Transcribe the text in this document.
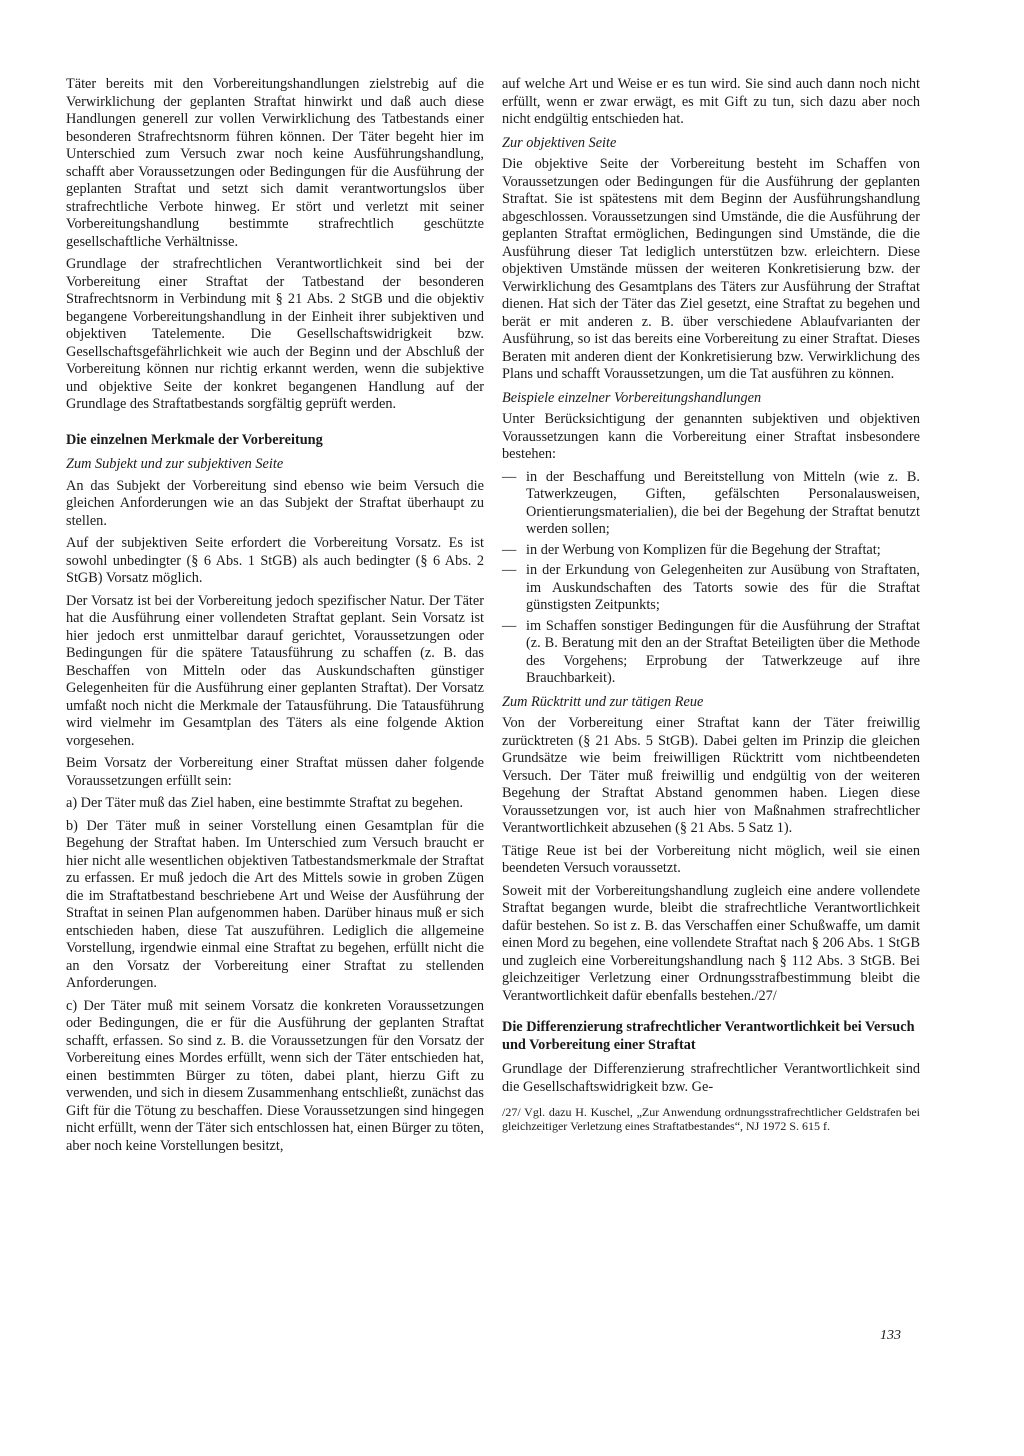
Täter bereits mit den Vorbereitungshandlungen zielstrebig auf die Verwirklichung der geplanten Straftat hinwirkt und daß auch diese Handlungen generell zur vollen Verwirklichung des Tatbestands einer besonderen Strafrechtsnorm führen können. Der Täter begeht hier im Unterschied zum Versuch zwar noch keine Ausführungshandlung, schafft aber Voraussetzungen oder Bedingungen für die Ausführung der geplanten Straftat und setzt sich damit verantwortungslos über strafrechtliche Verbote hinweg. Er stört und verletzt mit seiner Vorbereitungshandlung bestimmte strafrechtlich geschützte gesellschaftliche Verhältnisse.

Grundlage der strafrechtlichen Verantwortlichkeit sind bei der Vorbereitung einer Straftat der Tatbestand der besonderen Strafrechtsnorm in Verbindung mit § 21 Abs. 2 StGB und die objektiv begangene Vorbereitungshandlung in der Einheit ihrer subjektiven und objektiven Tatelemente. Die Gesellschaftswidrigkeit bzw. Gesellschaftsgefährlichkeit wie auch der Beginn und der Abschluß der Vorbereitung können nur richtig erkannt werden, wenn die subjektive und objektive Seite der konkret begangenen Handlung auf der Grundlage des Straftatbestands sorgfältig geprüft werden.

Die einzelnen Merkmale der Vorbereitung
Zum Subjekt und zur subjektiven Seite

An das Subjekt der Vorbereitung sind ebenso wie beim Versuch die gleichen Anforderungen wie an das Subjekt der Straftat überhaupt zu stellen.

Auf der subjektiven Seite erfordert die Vorbereitung Vorsatz. Es ist sowohl unbedingter (§ 6 Abs. 1 StGB) als auch bedingter (§ 6 Abs. 2 StGB) Vorsatz möglich.

Der Vorsatz ist bei der Vorbereitung jedoch spezifischer Natur. Der Täter hat die Ausführung einer vollendeten Straftat geplant. Sein Vorsatz ist hier jedoch erst unmittelbar darauf gerichtet, Voraussetzungen oder Bedingungen für die spätere Tatausführung zu schaffen (z. B. das Beschaffen von Mitteln oder das Auskundschaften günstiger Gelegenheiten für die Ausführung einer geplanten Straftat). Der Vorsatz umfaßt noch nicht die Merkmale der Tatausführung. Die Tatausführung wird vielmehr im Gesamtplan des Täters als eine folgende Aktion vorgesehen.

Beim Vorsatz der Vorbereitung einer Straftat müssen daher folgende Voraussetzungen erfüllt sein:

a) Der Täter muß das Ziel haben, eine bestimmte Straftat zu begehen.

b) Der Täter muß in seiner Vorstellung einen Gesamtplan für die Begehung der Straftat haben. Im Unterschied zum Versuch braucht er hier nicht alle wesentlichen objektiven Tatbestandsmerkmale der Straftat zu erfassen. Er muß jedoch die Art des Mittels sowie in groben Zügen die im Straftatbestand beschriebene Art und Weise der Ausführung der Straftat in seinen Plan aufgenommen haben. Darüber hinaus muß er sich entschieden haben, diese Tat auszuführen. Lediglich die allgemeine Vorstellung, irgendwie einmal eine Straftat zu begehen, erfüllt nicht die an den Vorsatz der Vorbereitung einer Straftat zu stellenden Anforderungen.

c) Der Täter muß mit seinem Vorsatz die konkreten Voraussetzungen oder Bedingungen, die er für die Ausführung der geplanten Straftat schafft, erfassen. So sind z. B. die Voraussetzungen für den Vorsatz der Vorbereitung eines Mordes erfüllt, wenn sich der Täter entschieden hat, einen bestimmten Bürger zu töten, dabei plant, hierzu Gift zu verwenden, und sich in diesem Zusammenhang entschließt, zunächst das Gift für die Tötung zu beschaffen. Diese Voraussetzungen sind hingegen nicht erfüllt, wenn der Täter sich entschlossen hat, einen Bürger zu töten, aber noch keine Vorstellungen besitzt,

auf welche Art und Weise er es tun wird. Sie sind auch dann noch nicht erfüllt, wenn er zwar erwägt, es mit Gift zu tun, sich dazu aber noch nicht endgültig entschieden hat.

Zur objektiven Seite

Die objektive Seite der Vorbereitung besteht im Schaffen von Voraussetzungen oder Bedingungen für die Ausführung der geplanten Straftat. Sie ist spätestens mit dem Beginn der Ausführungshandlung abgeschlossen. Voraussetzungen sind Umstände, die die Ausführung der geplanten Straftat ermöglichen, Bedingungen sind Umstände, die die Ausführung dieser Tat lediglich unterstützen bzw. erleichtern. Diese objektiven Umstände müssen der weiteren Konkretisierung bzw. der Verwirklichung des Gesamtplans des Täters zur Ausführung der Straftat dienen. Hat sich der Täter das Ziel gesetzt, eine Straftat zu begehen und berät er mit anderen z. B. über verschiedene Ablaufvarianten der Ausführung, so ist das bereits eine Vorbereitung zu einer Straftat. Dieses Beraten mit anderen dient der Konkretisierung bzw. Verwirklichung des Plans und schafft Voraussetzungen, um die Tat ausführen zu können.

Beispiele einzelner Vorbereitungshandlungen

Unter Berücksichtigung der genannten subjektiven und objektiven Voraussetzungen kann die Vorbereitung einer Straftat insbesondere bestehen:

— in der Beschaffung und Bereitstellung von Mitteln (wie z. B. Tatwerkzeugen, Giften, gefälschten Personalausweisen, Orientierungsmaterialien), die bei der Begehung der Straftat benutzt werden sollen;
— in der Werbung von Komplizen für die Begehung der Straftat;
— in der Erkundung von Gelegenheiten zur Ausübung von Straftaten, im Auskundschaften des Tatorts sowie des für die Straftat günstigsten Zeitpunkts;
— im Schaffen sonstiger Bedingungen für die Ausführung der Straftat (z. B. Beratung mit den an der Straftat Beteiligten über die Methode des Vorgehens; Erprobung der Tatwerkzeuge auf ihre Brauchbarkeit).
Zum Rücktritt und zur tätigen Reue

Von der Vorbereitung einer Straftat kann der Täter freiwillig zurücktreten (§ 21 Abs. 5 StGB). Dabei gelten im Prinzip die gleichen Grundsätze wie beim freiwilligen Rücktritt vom nichtbeendeten Versuch. Der Täter muß freiwillig und endgültig von der weiteren Begehung der Straftat Abstand genommen haben. Liegen diese Voraussetzungen vor, ist auch hier von Maßnahmen strafrechtlicher Verantwortlichkeit abzusehen (§ 21 Abs. 5 Satz 1).

Tätige Reue ist bei der Vorbereitung nicht möglich, weil sie einen beendeten Versuch voraussetzt.

Soweit mit der Vorbereitungshandlung zugleich eine andere vollendete Straftat begangen wurde, bleibt die strafrechtliche Verantwortlichkeit dafür bestehen. So ist z. B. das Verschaffen einer Schußwaffe, um damit einen Mord zu begehen, eine vollendete Straftat nach § 206 Abs. 1 StGB und zugleich eine Vorbereitungshandlung nach § 112 Abs. 3 StGB. Bei gleichzeitiger Verletzung einer Ordnungsstrafbestimmung bleibt die Verantwortlichkeit dafür ebenfalls bestehen./27/

Die Differenzierung strafrechtlicher Verantwortlichkeit bei Versuch und Vorbereitung einer Straftat

Grundlage der Differenzierung strafrechtlicher Verantwortlichkeit sind die Gesellschaftswidrigkeit bzw. Ge-

/27/ Vgl. dazu H. Kuschel, „Zur Anwendung ordnungsstrafrechtlicher Geldstrafen bei gleichzeitiger Verletzung eines Straftatbestandes“, NJ 1972 S. 615 f.

133
